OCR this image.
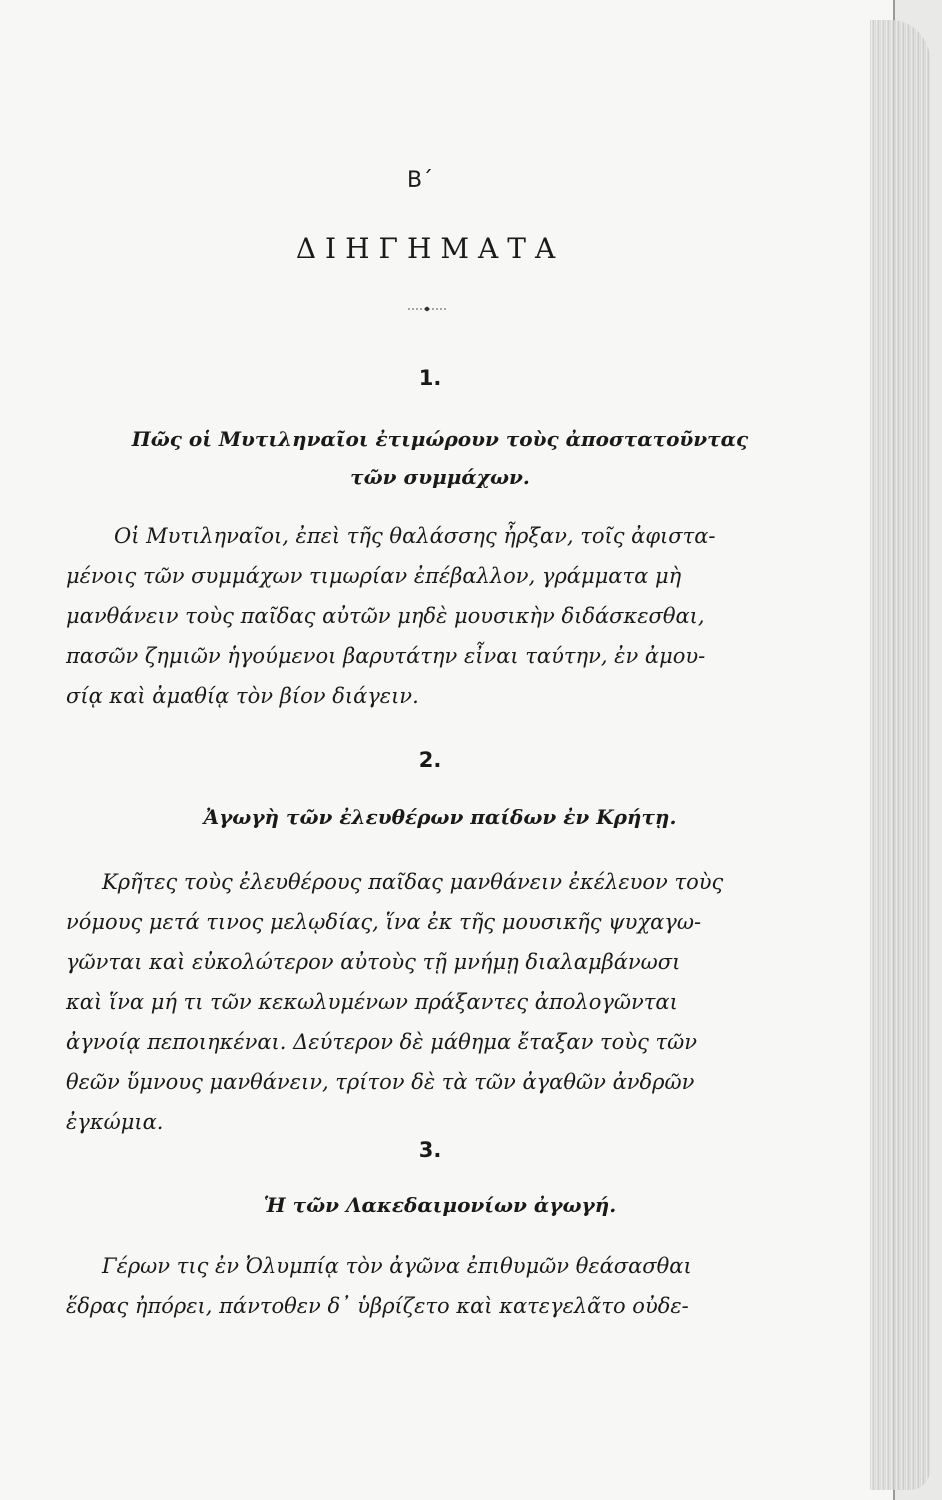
Β΄
ΔΙΗΓΗΜΑΤΑ
1.
Πῶς οἱ Μυτιληναῖοι ἐτιμώρουν τοὺς ἀποστατοῦντας
τῶν συμμάχων.
Οἱ Μυτιληναῖοι, ἐπεὶ τῆς θαλάσσης ἦρξαν, τοῖς ἀφιστα-
μένοις τῶν συμμάχων τιμωρίαν ἐπέβαλλον, γράμματα μὴ
μανθάνειν τοὺς παῖδας αὐτῶν μηδὲ μουσικὴν διδάσκεσθαι,
πασῶν ζημιῶν ἡγούμενοι βαρυτάτην εἶναι ταύτην, ἐν ἀμου-
σίᾳ καὶ ἀμαθίᾳ τὸν βίον διάγειν.
2.
Ἀγωγὴ τῶν ἐλευθέρων παίδων ἐν Κρήτῃ.
Κρῆτες τοὺς ἐλευθέρους παῖδας μανθάνειν ἐκέλευον τοὺς
νόμους μετά τινος μελῳδίας, ἵνα ἐκ τῆς μουσικῆς ψυχαγω-
γῶνται καὶ εὐκολώτερον αὐτοὺς τῇ μνήμῃ διαλαμβάνωσι
καὶ ἵνα μή τι τῶν κεκωλυμένων πράξαντες ἀπολογῶνται
ἀγνοίᾳ πεποιηκέναι. Δεύτερον δὲ μάθημα ἔταξαν τοὺς τῶν
θεῶν ὕμνους μανθάνειν, τρίτον δὲ τὰ τῶν ἀγαθῶν ἀνδρῶν
ἐγκώμια.
3.
Ἡ τῶν Λακεδαιμονίων ἀγωγή.
Γέρων τις ἐν Ὀλυμπίᾳ τὸν ἀγῶνα ἐπιθυμῶν θεάσασθαι
ἕδρας ἠπόρει, πάντοθεν δ᾽ ὑβρίζετο καὶ κατεγελᾶτο οὐδε-
